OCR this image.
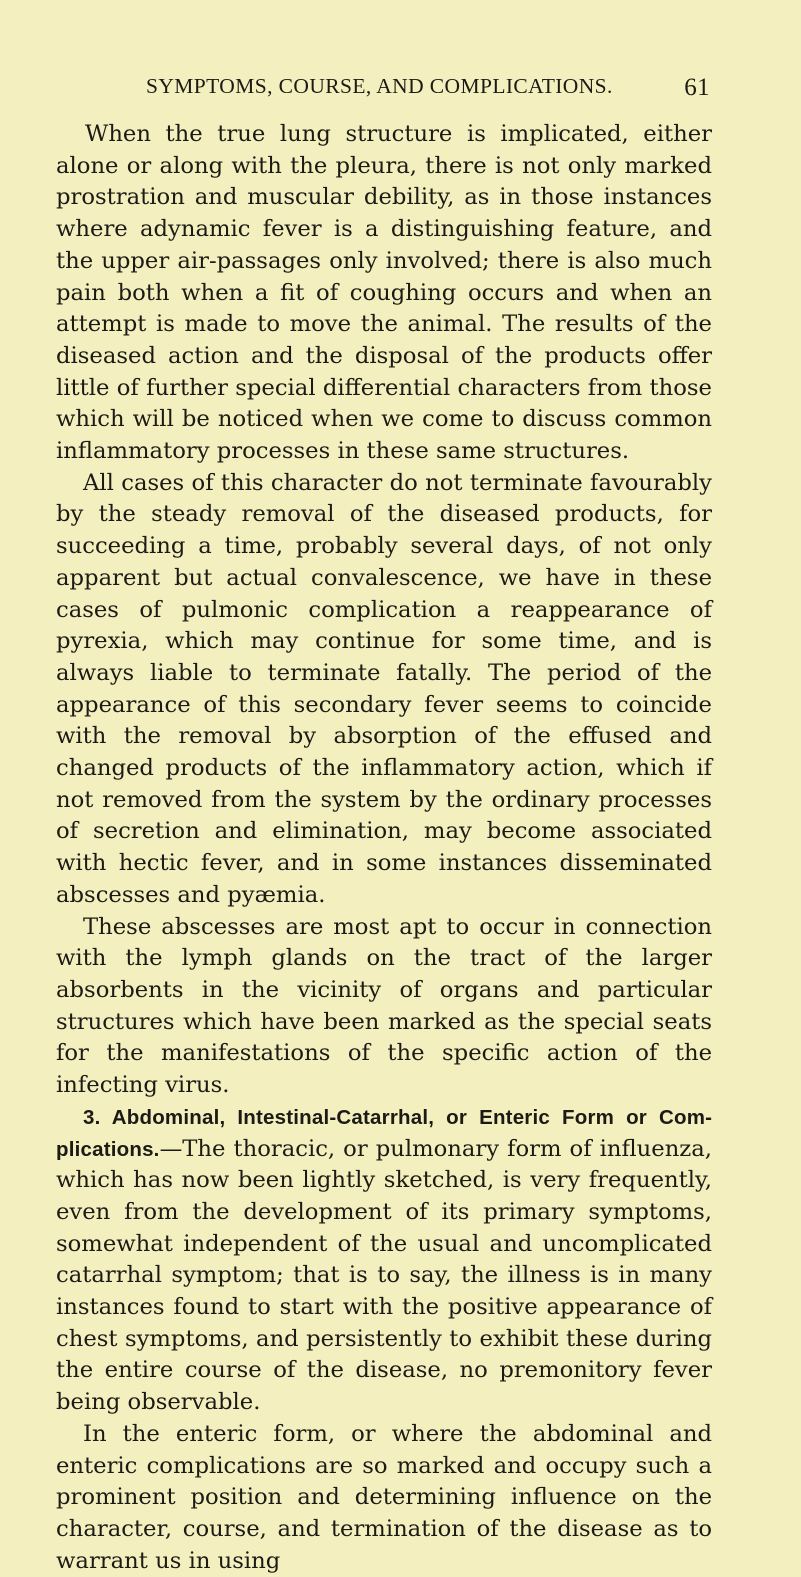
SYMPTOMS, COURSE, AND COMPLICATIONS.	61

When the true lung structure is implicated, either alone or along with the pleura, there is not only marked prostration and muscular debility, as in those instances where adynamic fever is a distinguishing feature, and the upper air-passages only involved; there is also much pain both when a fit of coughing occurs and when an attempt is made to move the animal. The results of the diseased action and the disposal of the products offer little of further special differential characters from those which will be noticed when we come to discuss common inflammatory processes in these same structures.

All cases of this character do not terminate favourably by the steady removal of the diseased products, for succeeding a time, probably several days, of not only apparent but actual convalescence, we have in these cases of pulmonic complication a reappearance of pyrexia, which may continue for some time, and is always liable to terminate fatally. The period of the appearance of this secondary fever seems to coincide with the removal by absorption of the effused and changed products of the inflammatory action, which if not removed from the system by the ordinary processes of secretion and elimination, may become associated with hectic fever, and in some instances disseminated abscesses and pyæmia.

These abscesses are most apt to occur in connection with the lymph glands on the tract of the larger absorbents in the vicinity of organs and particular structures which have been marked as the special seats for the manifestations of the specific action of the infecting virus.

3. Abdominal, Intestinal-Catarrhal, or Enteric Form or Complications.—The thoracic, or pulmonary form of influenza, which has now been lightly sketched, is very frequently, even from the development of its primary symptoms, somewhat independent of the usual and uncomplicated catarrhal symptom; that is to say, the illness is in many instances found to start with the positive appearance of chest symptoms, and persistently to exhibit these during the entire course of the disease, no premonitory fever being observable.

In the enteric form, or where the abdominal and enteric complications are so marked and occupy such a prominent position and determining influence on the character, course, and termination of the disease as to warrant us in using
